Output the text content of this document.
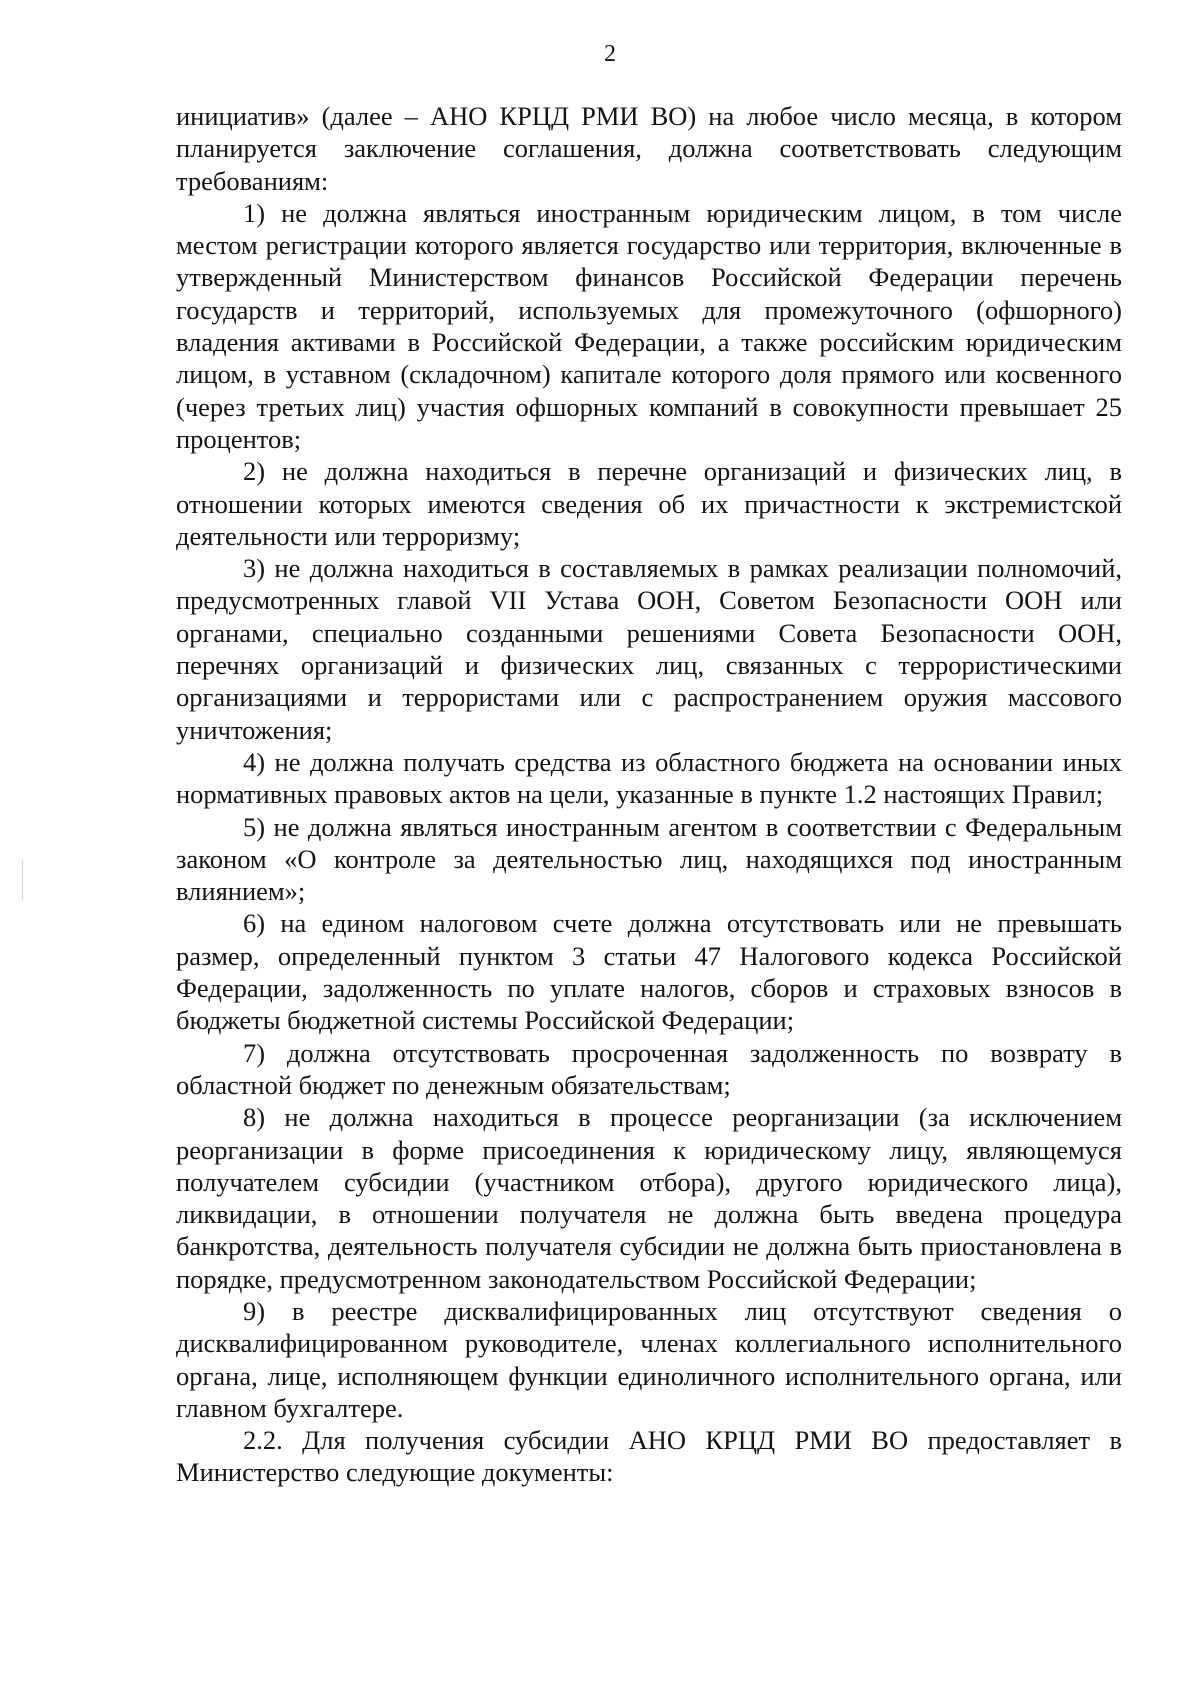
2

инициатив» (далее – АНО КРЦД РМИ ВО) на любое число месяца, в котором планируется заключение соглашения, должна соответствовать следующим требованиям:

1) не должна являться иностранным юридическим лицом, в том числе местом регистрации которого является государство или территория, включенные в утвержденный Министерством финансов Российской Федерации перечень государств и территорий, используемых для промежуточного (офшорного) владения активами в Российской Федерации, а также российским юридическим лицом, в уставном (складочном) капитале которого доля прямого или косвенного (через третьих лиц) участия офшорных компаний в совокупности превышает 25 процентов;

2) не должна находиться в перечне организаций и физических лиц, в отношении которых имеются сведения об их причастности к экстремистской деятельности или терроризму;

3) не должна находиться в составляемых в рамках реализации полномочий, предусмотренных главой VII Устава ООН, Советом Безопасности ООН или органами, специально созданными решениями Совета Безопасности ООН, перечнях организаций и физических лиц, связанных с террористическими организациями и террористами или с распространением оружия массового уничтожения;

4) не должна получать средства из областного бюджета на основании иных нормативных правовых актов на цели, указанные в пункте 1.2 настоящих Правил;

5) не должна являться иностранным агентом в соответствии с Федеральным законом «О контроле за деятельностью лиц, находящихся под иностранным влиянием»;

6) на едином налоговом счете должна отсутствовать или не превышать размер, определенный пунктом 3 статьи 47 Налогового кодекса Российской Федерации, задолженность по уплате налогов, сборов и страховых взносов в бюджеты бюджетной системы Российской Федерации;

7) должна отсутствовать просроченная задолженность по возврату в областной бюджет по денежным обязательствам;

8) не должна находиться в процессе реорганизации (за исключением реорганизации в форме присоединения к юридическому лицу, являющемуся получателем субсидии (участником отбора), другого юридического лица), ликвидации, в отношении получателя не должна быть введена процедура банкротства, деятельность получателя субсидии не должна быть приостановлена в порядке, предусмотренном законодательством Российской Федерации;

9) в реестре дисквалифицированных лиц отсутствуют сведения о дисквалифицированном руководителе, членах коллегиального исполнительного органа, лице, исполняющем функции единоличного исполнительного органа, или главном бухгалтере.

2.2. Для получения субсидии АНО КРЦД РМИ ВО предоставляет в Министерство следующие документы:
